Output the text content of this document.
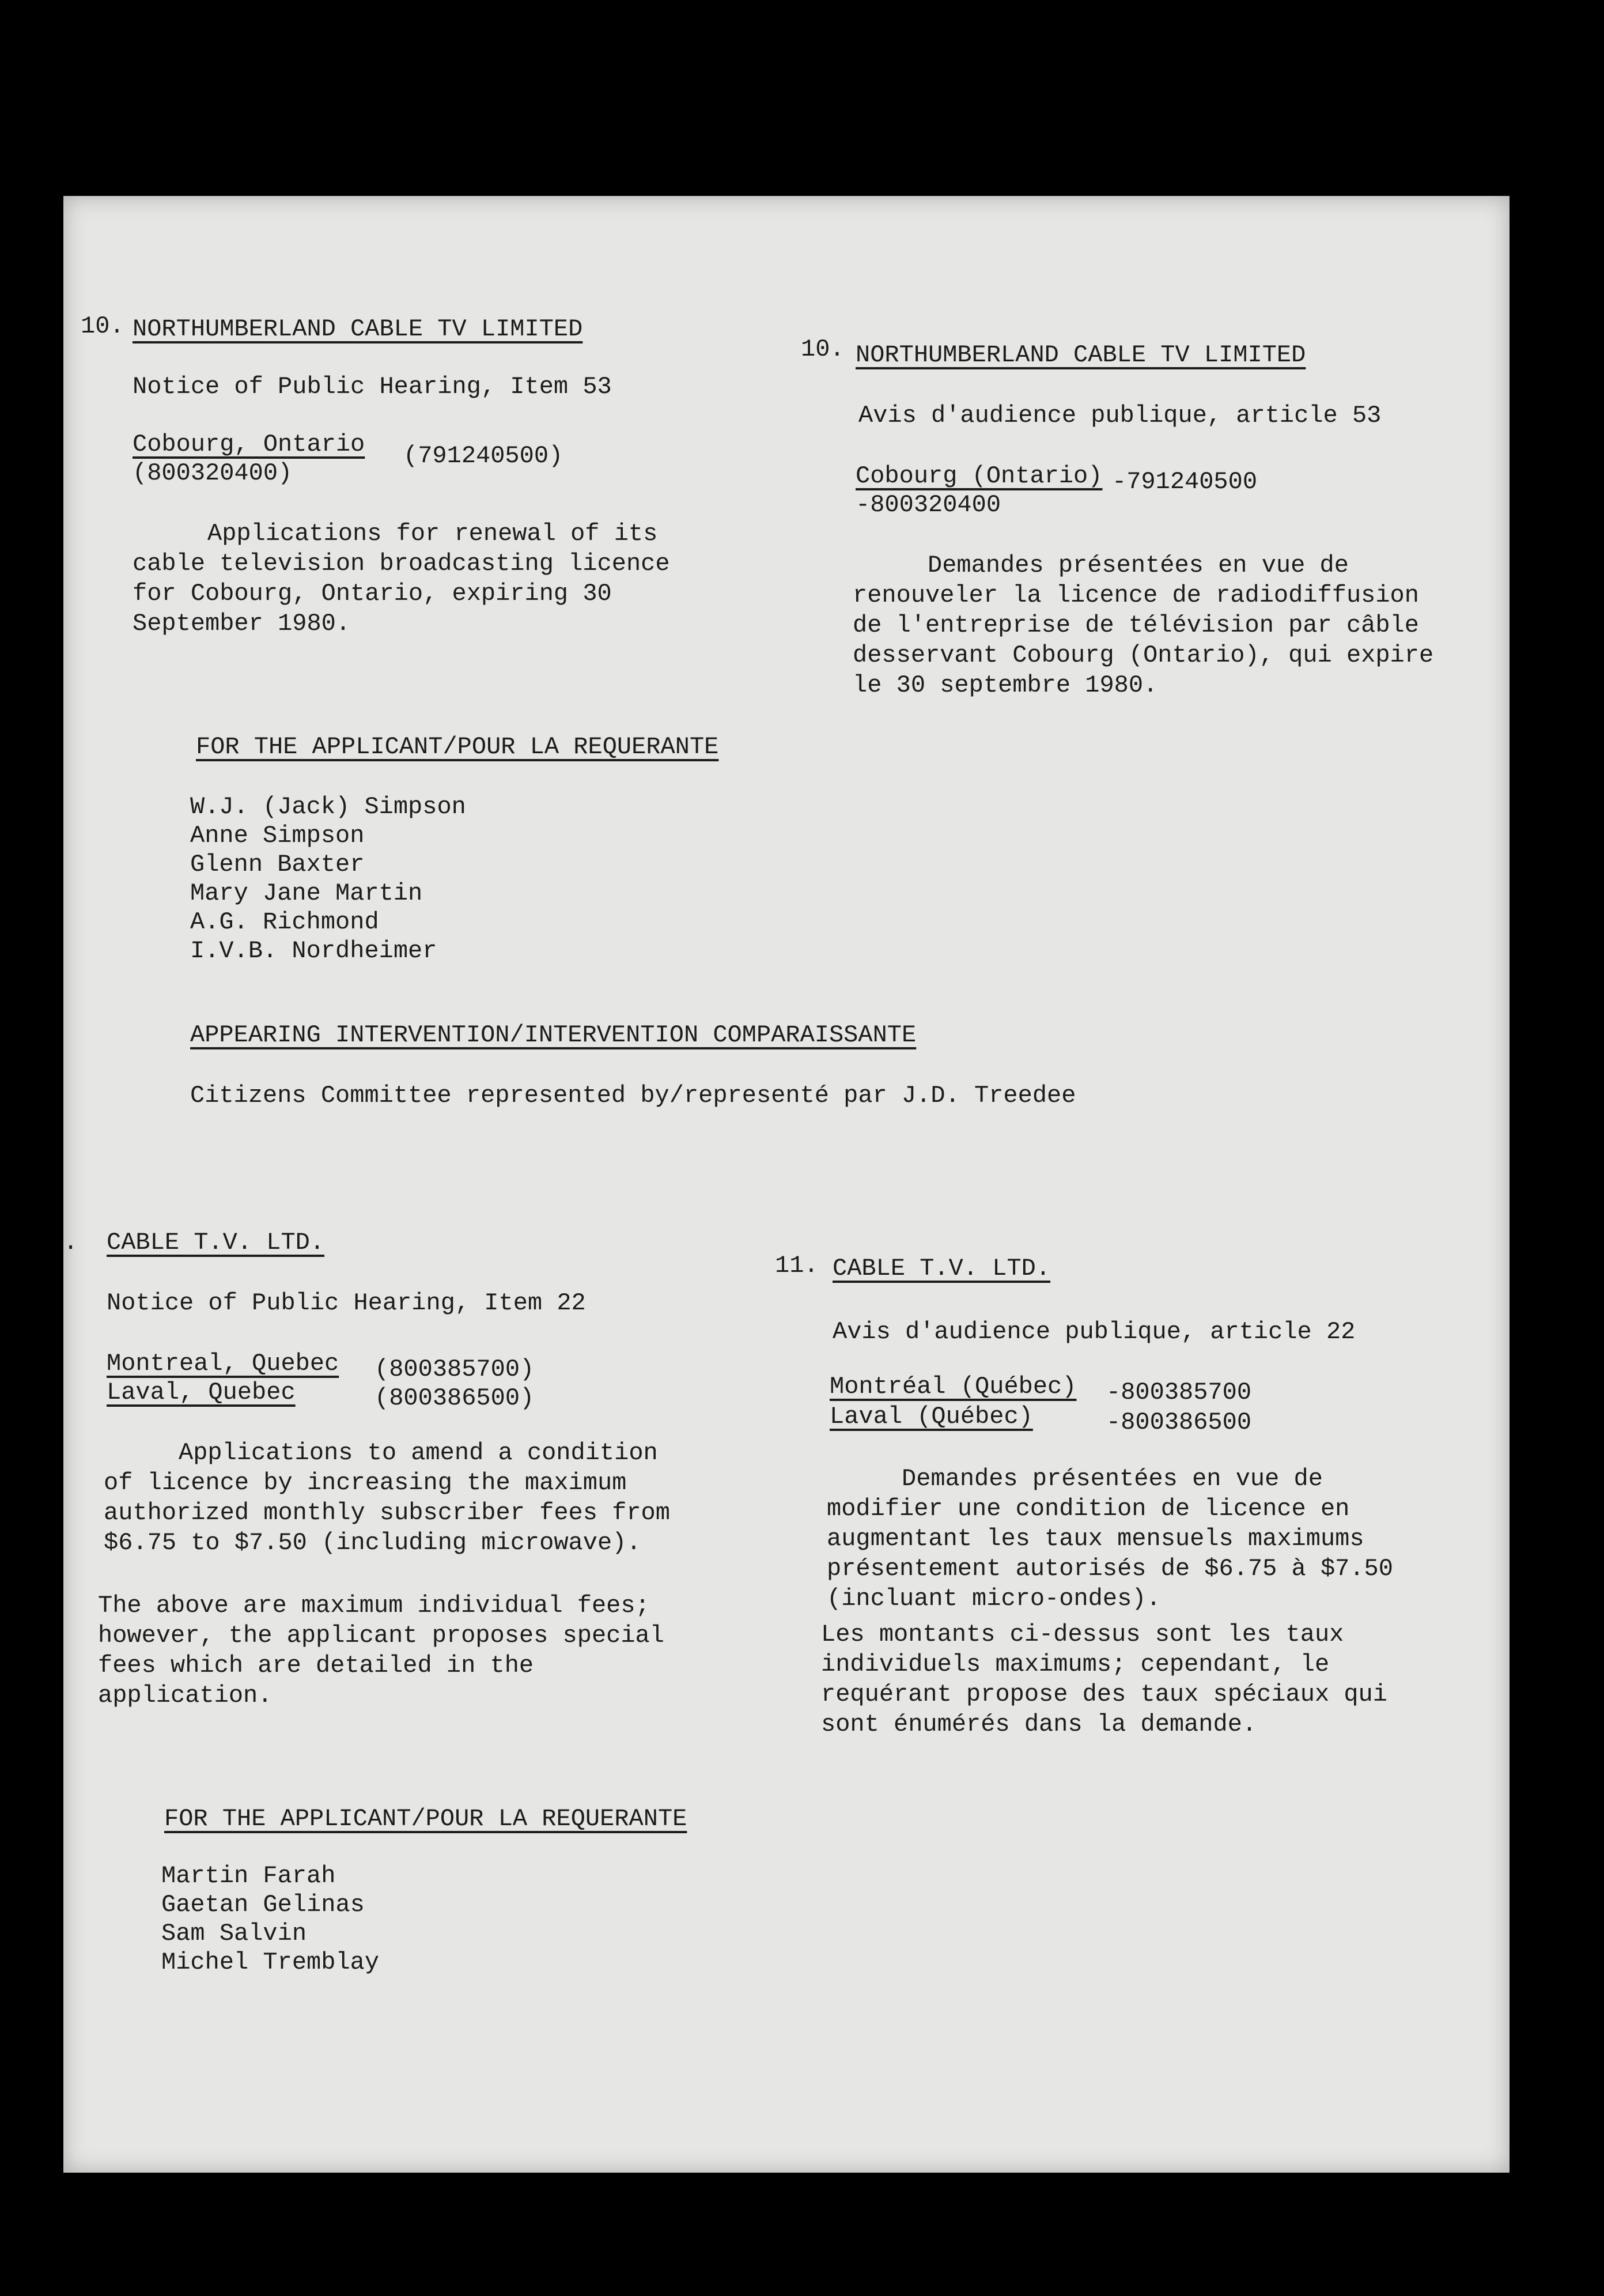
10. NORTHUMBERLAND CABLE TV LIMITED

Notice of Public Hearing, Item 53

Cobourg, Ontario (791240500)

(800320400)

Applications for renewal of its cable television broadcasting licence for Cobourg, Ontario, expiring 30 September 1980.

10. NORTHUMBERLAND CABLE TV LIMITED

Avis d'audience publique, article 53

Cobourg (Ontario) -791240500

-800320400

Demandes présentées en vue de renouveler la licence de radiodiffusion de l'entreprise de télévision par câble desservant Cobourg (Ontario), qui expire le 30 septembre 1980.

FOR THE APPLICANT/POUR LA REQUERANTE

W.J. (Jack) Simpson
Anne Simpson
Glenn Baxter
Mary Jane Martin
A.G. Richmond
I.V.B. Nordheimer

APPEARING INTERVENTION/INTERVENTION COMPARAISSANTE

Citizens Committee represented by/representé par J.D. Treedee

. CABLE T.V. LTD.

Notice of Public Hearing, Item 22

Montreal, Quebec (800385700)

Laval, Quebec	(800386500)

Applications to amend a condition of licence by increasing the maximum authorized monthly subscriber fees from $6.75 to $7.50 (including microwave).

The above are maximum individual fees; however, the applicant proposes special fees which are detailed in the application.

11. CABLE T.V. LTD.

Avis d'audience publique, article 22

Montréal (Québec) -800385700

Laval (Québec)	-800386500

Demandes présentées en vue de modifier une condition de licence en augmentant les taux mensuels maximums présentement autorisés de $6.75 à $7.50 (incluant micro-ondes).

Les montants ci-dessus sont les taux individuels maximums; cependant, le requérant propose des taux spéciaux qui sont énumérés dans la demande.

FOR THE APPLICANT/POUR LA REQUERANTE

Martin Farah
Gaetan Gelinas
Sam Salvin
Michel Tremblay
